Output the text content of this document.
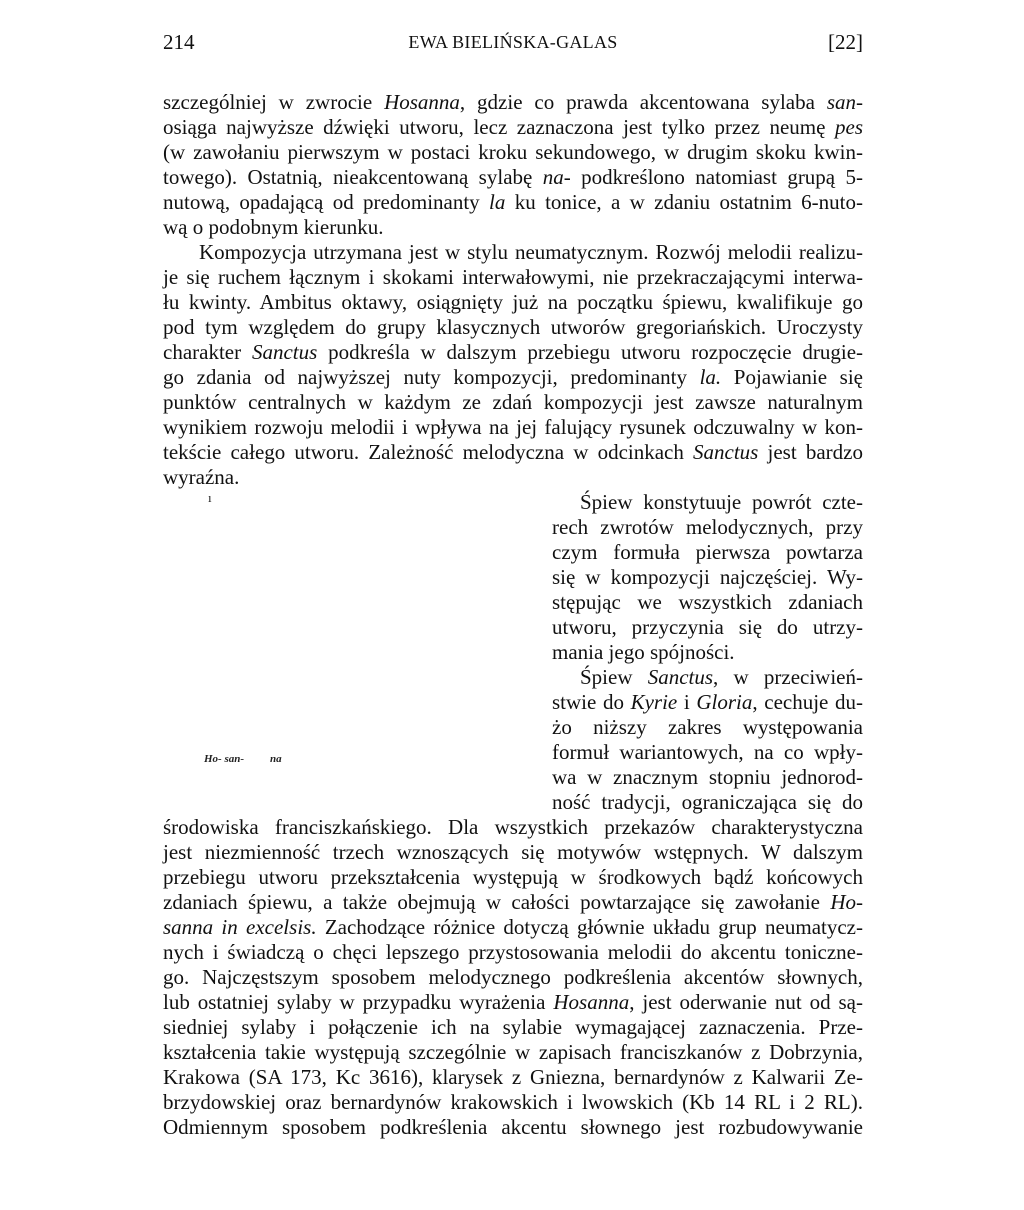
214	EWA BIELIŃSKA-GALAS	[22]
ı
Ho- san- na
szczególniej w zwrocie Hosanna, gdzie co prawda akcentowana sylaba san-
osiąga najwyższe dźwięki utworu, lecz zaznaczona jest tylko przez neumę pes
(w zawołaniu pierwszym w postaci kroku sekundowego, w drugim skoku kwin-
towego). Ostatnią, nieakcentowaną sylabę na- podkreślono natomiast grupą 5-
nutową, opadającą od predominanty la ku tonice, a w zdaniu ostatnim 6-nuto-
wą o podobnym kierunku.
Kompozycja utrzymana jest w stylu neumatycznym. Rozwój melodii realizu-
je się ruchem łącznym i skokami interwałowymi, nie przekraczającymi interwa-
łu kwinty. Ambitus oktawy, osiągnięty już na początku śpiewu, kwalifikuje go
pod tym względem do grupy klasycznych utworów gregoriańskich. Uroczysty
charakter Sanctus podkreśla w dalszym przebiegu utworu rozpoczęcie drugie-
go zdania od najwyższej nuty kompozycji, predominanty la. Pojawianie się
punktów centralnych w każdym ze zdań kompozycji jest zawsze naturalnym
wynikiem rozwoju melodii i wpływa na jej falujący rysunek odczuwalny w kon-
tekście całego utworu. Zależność melodyczna w odcinkach Sanctus jest bardzo
wyraźna.
Śpiew konstytuuje powrót czte-
rech zwrotów melodycznych, przy
czym formuła pierwsza powtarza
się w kompozycji najczęściej. Wy-
stępując we wszystkich zdaniach
utworu, przyczynia się do utrzy-
mania jego spójności.
Śpiew Sanctus, w przeciwień-
stwie do Kyrie i Gloria, cechuje du-
żo niższy zakres występowania
formuł wariantowych, na co wpły-
wa w znacznym stopniu jednorod-
ność tradycji, ograniczająca się do
środowiska franciszkańskiego. Dla wszystkich przekazów charakterystyczna
jest niezmienność trzech wznoszących się motywów wstępnych. W dalszym
przebiegu utworu przekształcenia występują w środkowych bądź końcowych
zdaniach śpiewu, a także obejmują w całości powtarzające się zawołanie Ho-
sanna in excelsis. Zachodzące różnice dotyczą głównie układu grup neumatycz-
nych i świadczą o chęci lepszego przystosowania melodii do akcentu toniczne-
go. Najczęstszym sposobem melodycznego podkreślenia akcentów słownych,
lub ostatniej sylaby w przypadku wyrażenia Hosanna, jest oderwanie nut od są-
siedniej sylaby i połączenie ich na sylabie wymagającej zaznaczenia. Prze-
kształcenia takie występują szczególnie w zapisach franciszkanów z Dobrzynia,
Krakowa (SA 173, Kc 3616), klarysek z Gniezna, bernardynów z Kalwarii Ze-
brzydowskiej oraz bernardynów krakowskich i lwowskich (Kb 14 RL i 2 RL).
Odmiennym sposobem podkreślenia akcentu słownego jest rozbudowywanie
